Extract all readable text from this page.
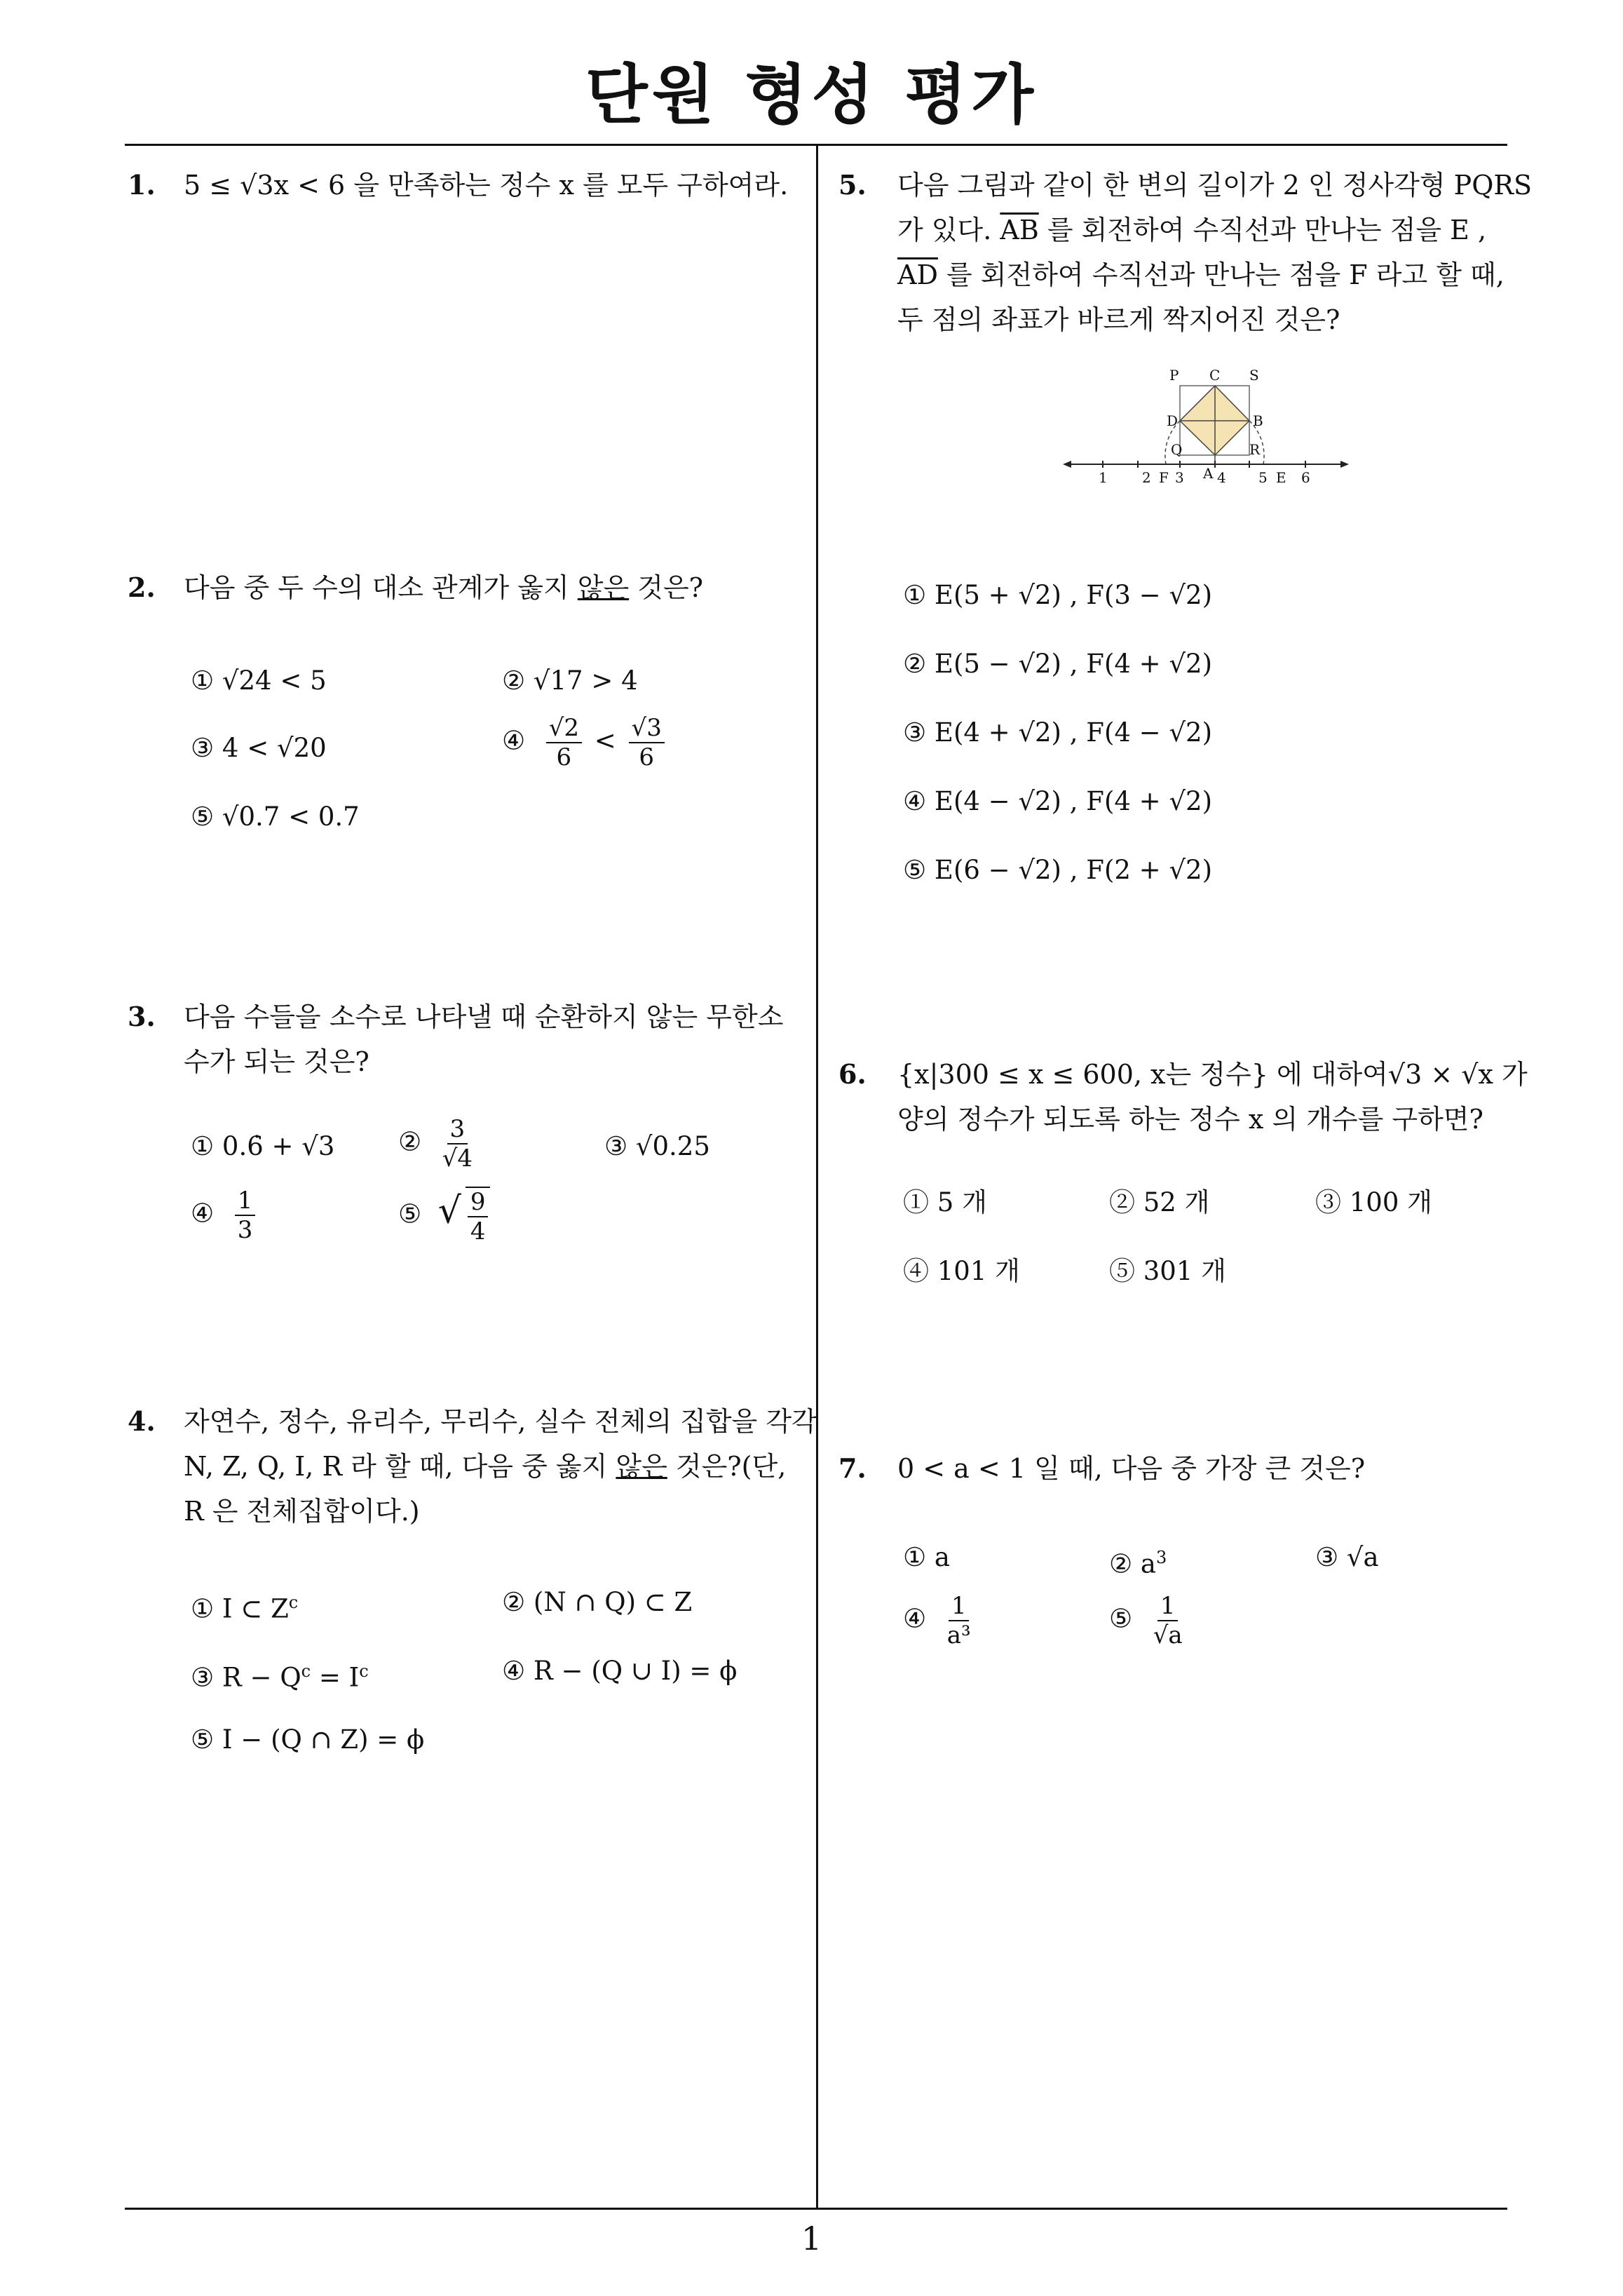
단원 형성 평가
1
1. 5 ≤ √3x < 6 을 만족하는 정수 x 를 모두 구하여라.
2. 다음 중 두 수의 대소 관계가 옳지 않은 것은?
① √24 < 5	② √17 > 4
③ 4 < √20	④ $\frac{√2}{6} < \frac{√3}{6}$
⑤ √0.7 < 0.7
3. 다음 수들을 소수로 나타낼 때 순환하지 않는 무한소 수가 되는 것은?
① 0.6̇ + √3 ② $\frac{3}{√4}$	③ √0.25
④ $\frac{1}{3}$	⑤ √ $\frac{9}{4}$
4. 자연수, 정수, 유리수, 무리수, 실수 전체의 집합을 각각
N, Z, Q, I, R 라 할 때, 다음 중 옳지 않은 것은?(단,
R 은 전체집합이다.)
① I ⊂ $Z^c$	② (N ∩ Q) ⊂ Z
③ $R - Q^c = I^c$	④ R − (Q ∪ I) = ϕ
⑤ I − (Q ∩ Z) = ϕ
5. 다음 그림과 같이 한 변의 길이가 2 인 정사각형 PQRS
가 있다. $\overline{AB}$ 를 회전하여 수직선과 만나는 점을 E ,
$\overline{AD}$ 를 회전하여 수직선과 만나는 점을 F 라고 할 때,
두 점의 좌표가 바르게 짝지어진 것은?
P C S
D	B
Q	R
A
F	E
1 2 3 4 5 6
① E(5 + √2) , F(3 − √2)
② E(5 − √2) , F(4 + √2)
③ E(4 + √2) , F(4 − √2)
④ E(4 − √2) , F(4 + √2)
⑤ E(6 − √2) , F(2 + √2)
6. {x|300 ≤ x ≤ 600, x는 정수} 에 대하여√3 × √x 가
양의 정수가 되도록 하는 정수 x 의 개수를 구하면?
① 5 개	② 52 개	③ 100 개
④ 101 개	⑤ 301 개
7. 0 < a < 1 일 때, 다음 중 가장 큰 것은?
① a	② $a^3$	③ √a
④ $\frac{1}{\text{a³}}$	⑤ $\frac{1}{√a}$
